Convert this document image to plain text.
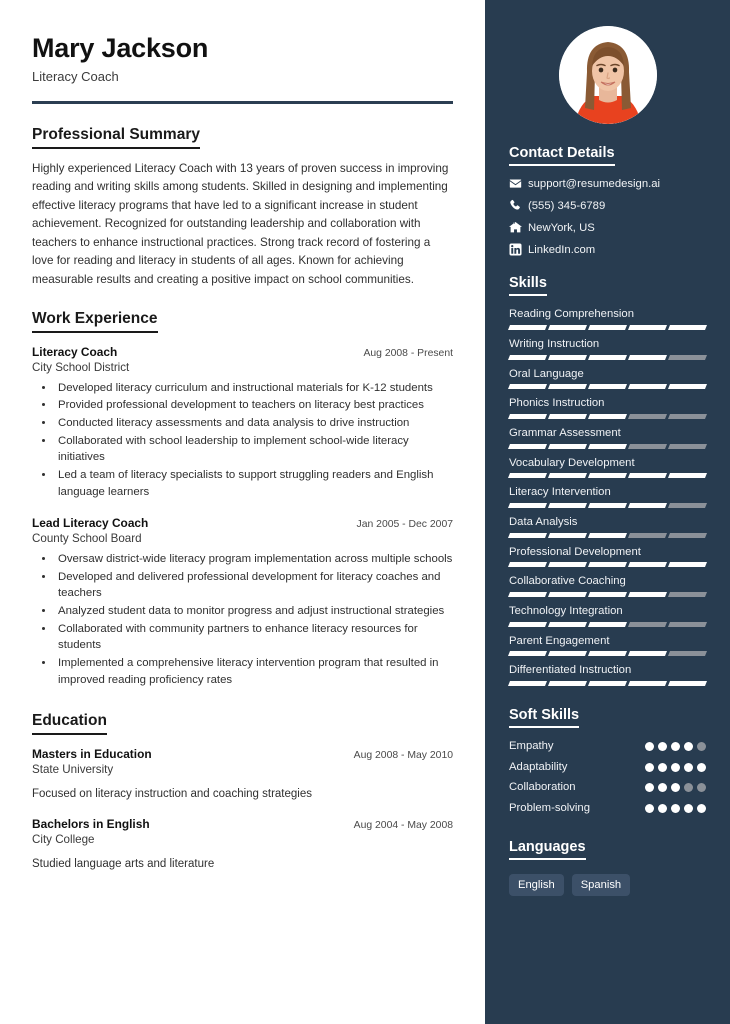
Mary Jackson
Literacy Coach
Professional Summary

Highly experienced Literacy Coach with 13 years of proven success in improving reading and writing skills among students. Skilled in designing and implementing effective literacy programs that have led to a significant increase in student achievement. Recognized for outstanding leadership and collaboration with teachers to enhance instructional practices. Strong track record of fostering a love for reading and literacy in students of all ages. Known for achieving measurable results and creating a positive impact on school communities.

Work Experience
Literacy Coach	Aug 2008 - Present
City School District
• Developed literacy curriculum and instructional materials for K-12 students
• Provided professional development to teachers on literacy best practices
• Conducted literacy assessments and data analysis to drive instruction
• Collaborated with school leadership to implement school-wide literacy initiatives
• Led a team of literacy specialists to support struggling readers and English language learners
Lead Literacy Coach	Jan 2005 - Dec 2007
County School Board
• Oversaw district-wide literacy program implementation across multiple schools
• Developed and delivered professional development for literacy coaches and teachers
• Analyzed student data to monitor progress and adjust instructional strategies
• Collaborated with community partners to enhance literacy resources for students
• Implemented a comprehensive literacy intervention program that resulted in improved reading proficiency rates
Education
Masters in Education	Aug 2008 - May 2010
State University
Focused on literacy instruction and coaching strategies
Bachelors in English	Aug 2004 - May 2008
City College
Studied language arts and literature
Contact Details
support@resumedesign.ai
(555) 345-6789
NewYork, US
LinkedIn.com
Skills
Reading Comprehension
Writing Instruction
Oral Language
Phonics Instruction
Grammar Assessment
Vocabulary Development
Literacy Intervention
Data Analysis
Professional Development
Collaborative Coaching
Technology Integration
Parent Engagement
Differentiated Instruction
Soft Skills
Empathy
Adaptability
Collaboration
Problem-solving
Languages
English	Spanish
